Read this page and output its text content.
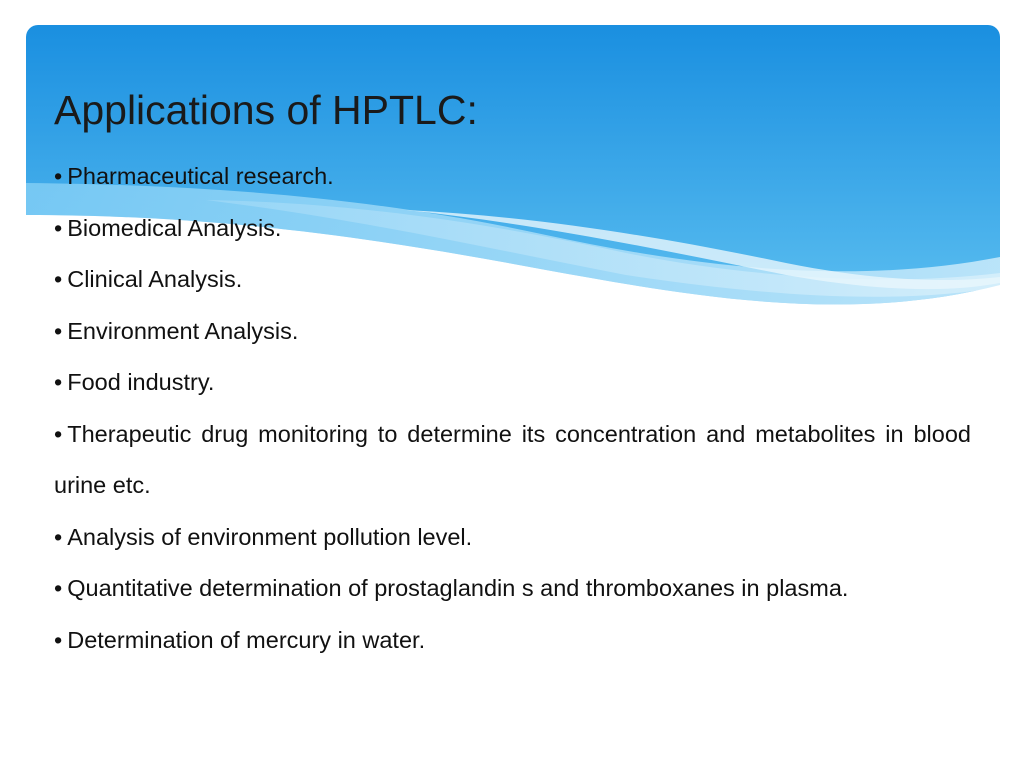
Applications of HPTLC:
• Pharmaceutical research.
• Biomedical Analysis.
• Clinical Analysis.
• Environment Analysis.
• Food industry.
• Therapeutic drug monitoring to determine its concentration and metabolites in blood urine etc.
• Analysis of environment pollution level.
• Quantitative determination of prostaglandin s and thromboxanes in plasma.
• Determination of mercury in water.
